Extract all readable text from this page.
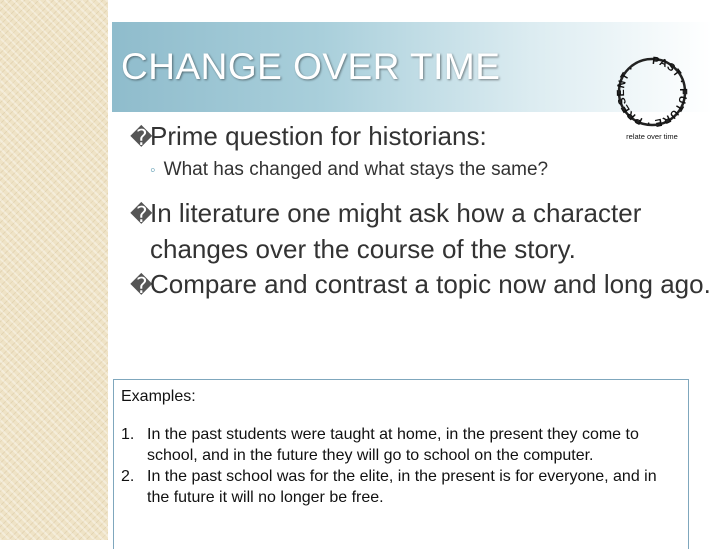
CHANGE OVER TIME	PAST · FUTURE · PRESENT ·
relate over time
�Prime question for historians:
◦ What has changed and what stays the same?
�In literature one might ask how a character changes over the course of the story.
�Compare and contrast a topic now and long ago.
Examples:
1. In the past students were taught at home, in the present they come to school, and in the future they will go to school on the computer.
2. In the past school was for the elite, in the present is for everyone, and in the future it will no longer be free.
